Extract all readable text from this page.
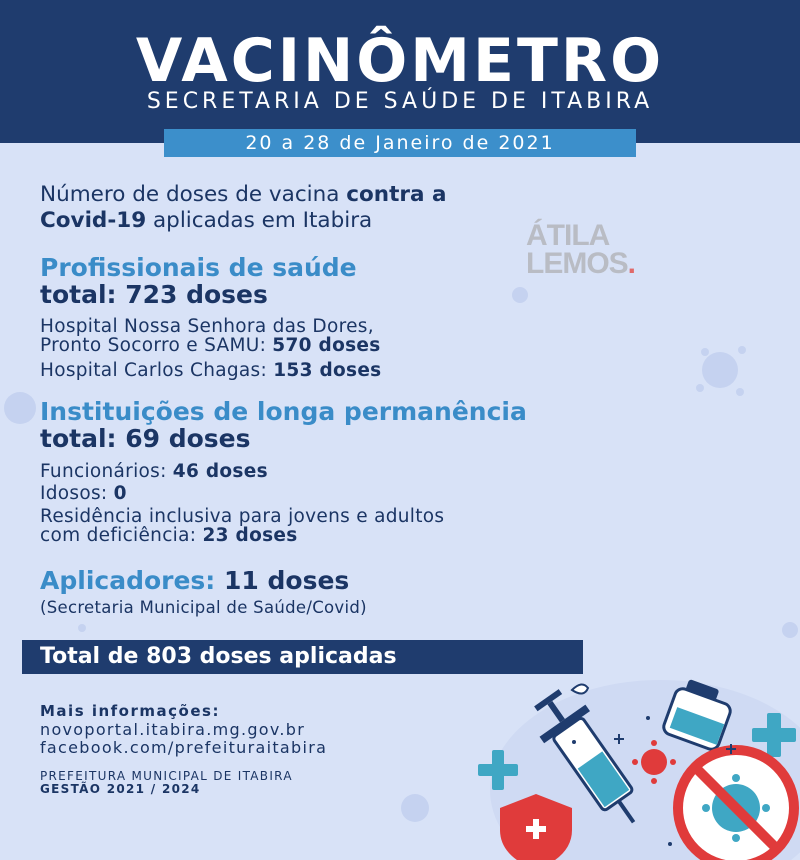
VACINÔMETRO
SECRETARIA DE SAÚDE DE ITABIRA
20 a 28 de Janeiro de 2021
Número de doses de vacina contra a
Covid-19 aplicadas em Itabira	ÁTILA
LEMOS.
Profissionais de saúde
total: 723 doses
Hospital Nossa Senhora das Dores,
Pronto Socorro e SAMU: 570 doses
Hospital Carlos Chagas: 153 doses
Instituições de longa permanência
total: 69 doses
Funcionários: 46 doses
Idosos: 0
Residência inclusiva para jovens e adultos
com deficiência: 23 doses
Aplicadores: 11 doses
(Secretaria Municipal de Saúde/Covid)
Total de 803 doses aplicadas
Mais informações:
novoportal.itabira.mg.gov.br
facebook.com/prefeituraitabira
PREFEITURA MUNICIPAL DE ITABIRA
GESTÃO 2021 / 2024
